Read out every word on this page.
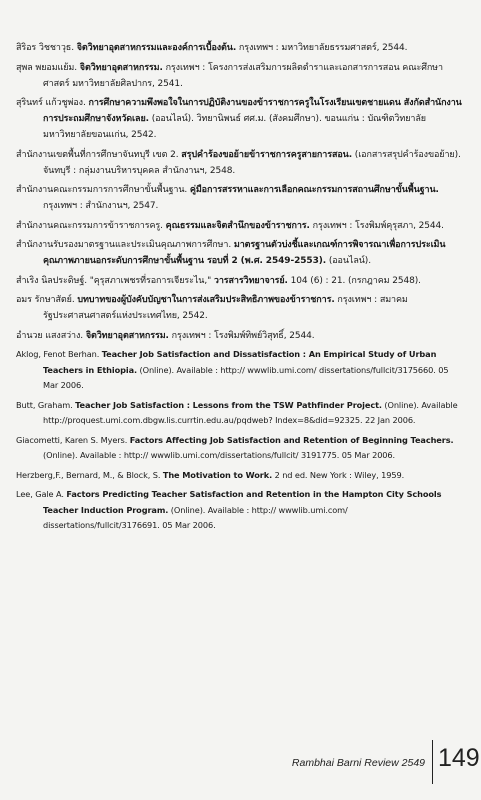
สิริอร วิชชาวุธ. จิตวิทยาอุตสาหกรรมและองค์การเบื้องต้น. กรุงเทพฯ : มหาวิทยาลัยธรรมศาสตร์, 2544.
สุพล พยอมแย้ม. จิตวิทยาอุตสาหกรรม. กรุงเทพฯ : โครงการส่งเสริมการผลิตตำราและเอกสารการสอน คณะศึกษาศาสตร์ มหาวิทยาลัยศิลปากร, 2541.
สุรินทร์ แก้วชูพ่อง. การศึกษาความพึงพอใจในการปฏิบัติงานของข้าราชการครูในโรงเรียนเขตชายแดน สังกัดสำนักงานการประถมศึกษาจังหวัดเลย. (ออนไลน์). วิทยานิพนธ์ ศศ.ม. (สังคมศึกษา). ขอนแก่น : บัณฑิตวิทยาลัย มหาวิทยาลัยขอนแก่น, 2542.
สำนักงานเขตพื้นที่การศึกษาจันทบุรี เขต 2. สรุปคำร้องขอย้ายข้าราชการครูสายการสอน. (เอกสารสรุปคำร้องขอย้าย). จันทบุรี : กลุ่มงานบริหารบุคคล สำนักงานฯ, 2548.
สำนักงานคณะกรรมการการศึกษาขั้นพื้นฐาน. คู่มือการสรรหาและการเลือกคณะกรรมการสถานศึกษาขั้นพื้นฐาน. กรุงเทพฯ : สำนักงานฯ, 2547.
สำนักงานคณะกรรมการข้าราชการครู. คุณธรรมและจิตสำนึกของข้าราชการ. กรุงเทพฯ : โรงพิมพ์คุรุสภา, 2544.
สำนักงานรับรองมาตรฐานและประเมินคุณภาพการศึกษา. มาตรฐานตัวบ่งชี้และเกณฑ์การพิจารณาเพื่อการประเมินคุณภาพภายนอกระดับการศึกษาขั้นพื้นฐาน รอบที่ 2 (พ.ศ. 2549-2553). (ออนไลน์).
สำเริง นิลประดิษฐ์. "คุรุสภาเพชรที่รอการเจียระไน," วารสารวิทยาจารย์. 104 (6) : 21. (กรกฎาคม 2548).
อมร รักษาสัตย์. บทบาทของผู้บังคับบัญชาในการส่งเสริมประสิทธิภาพของข้าราชการ. กรุงเทพฯ : สมาคมรัฐประศาสนศาสตร์แห่งประเทศไทย, 2542.
อำนวย แสงสว่าง. จิตวิทยาอุตสาหกรรม. กรุงเทพฯ : โรงพิมพ์ทิพย์วิสุทธิ์, 2544.
Aklog, Fenot Berhan. Teacher Job Satisfaction and Dissatisfaction : An Empirical Study of Urban Teachers in Ethiopia. (Online). Available : http:// wwwlib.umi.com/ dissertations/fullcit/3175660. 05 Mar 2006.
Butt, Graham. Teacher Job Satisfaction : Lessons from the TSW Pathfinder Project. (Online). Available http://proquest.umi.com.dbgw.lis.currtin.edu.au/pqdweb? Index=8&did=92325. 22 Jan 2006.
Giacometti, Karen S. Myers. Factors Affecting Job Satisfaction and Retention of Beginning Teachers. (Online). Available : http:// wwwlib.umi.com/dissertations/fullcit/ 3191775. 05 Mar 2006.
Herzberg,F., Bernard, M., & Block, S. The Motivation to Work. 2 nd ed. New York : Wiley, 1959.
Lee, Gale A. Factors Predicting Teacher Satisfaction and Retention in the Hampton City Schools Teacher Induction Program. (Online). Available : http:// wwwlib.umi.com/ dissertations/fullcit/3176691. 05 Mar 2006.
Rambhai Barni Review 2549 149
